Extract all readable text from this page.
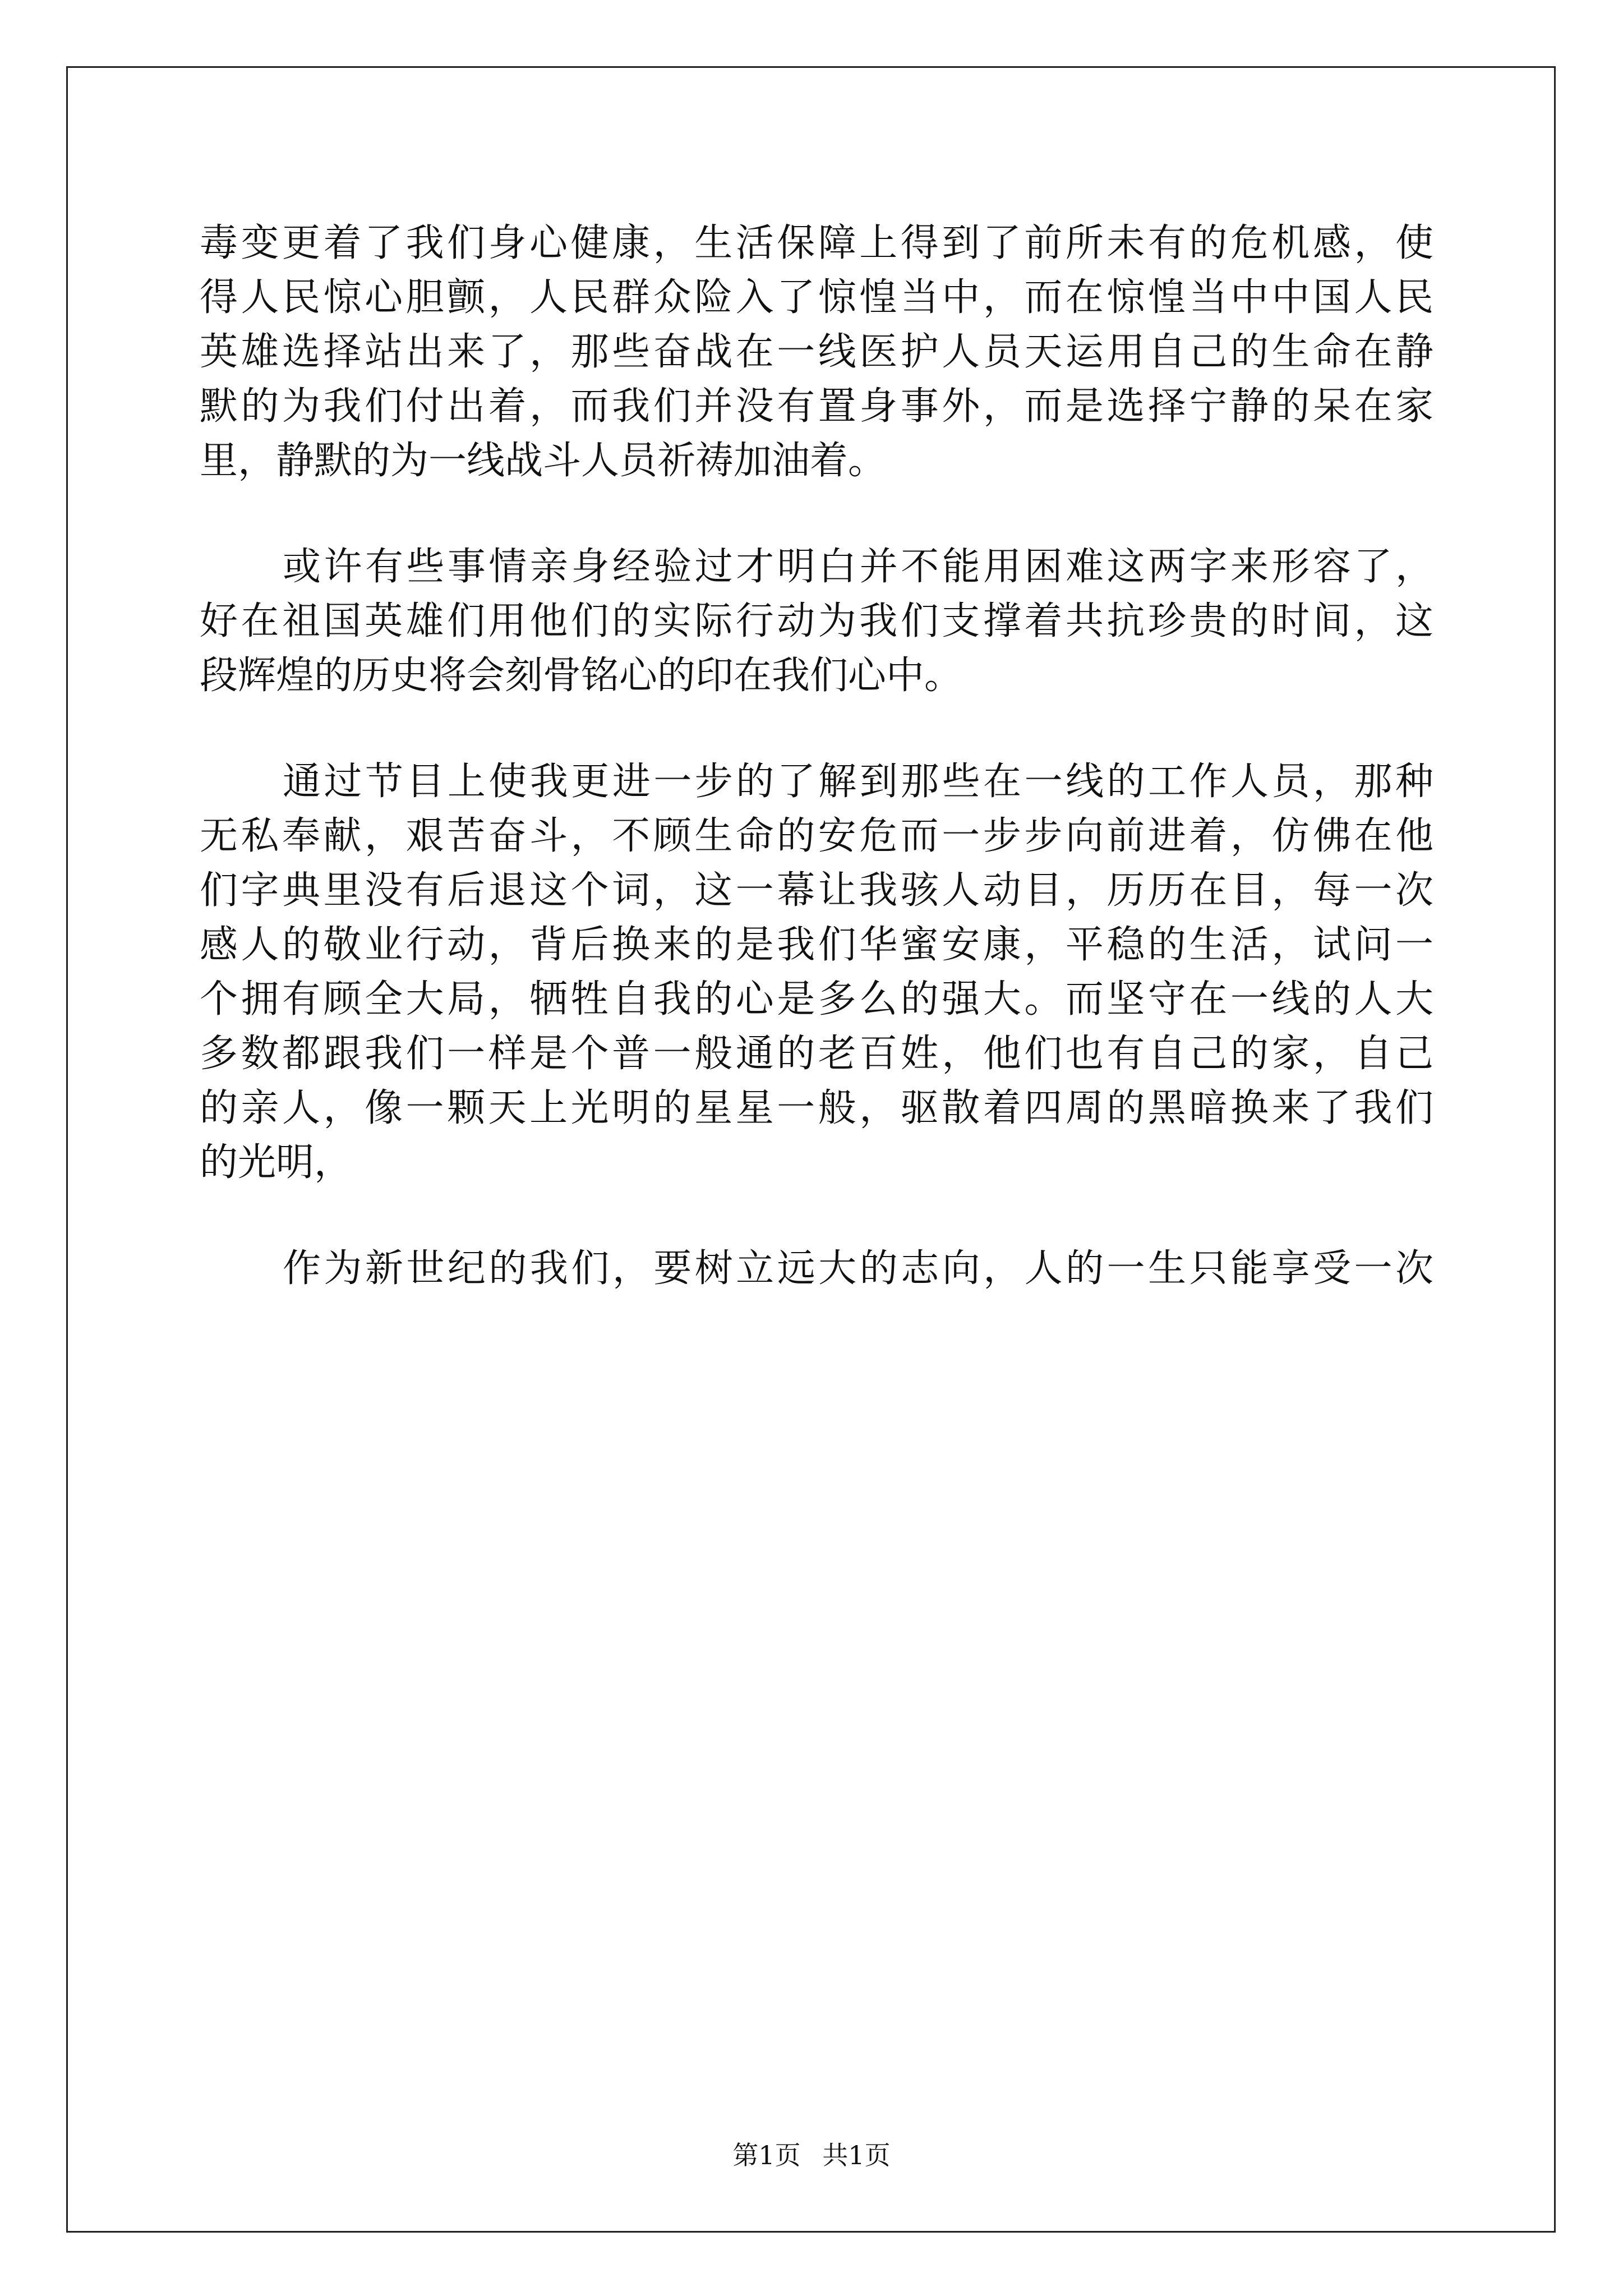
毒变更着了我们身心健康，生活保障上得到了前所未有的危机感，使
得人民惊心胆颤，人民群众险入了惊惶当中，而在惊惶当中中国人民
英雄选择站出来了，那些奋战在一线医护人员天运用自己的生命在静
默的为我们付出着，而我们并没有置身事外，而是选择宁静的呆在家
里，静默的为一线战斗人员祈祷加油着。
或许有些事情亲身经验过才明白并不能用困难这两字来形容了，
好在祖国英雄们用他们的实际行动为我们支撑着共抗珍贵的时间，这
段辉煌的历史将会刻骨铭心的印在我们心中。
通过节目上使我更进一步的了解到那些在一线的工作人员，那种
无私奉献，艰苦奋斗，不顾生命的安危而一步步向前进着，仿佛在他
们字典里没有后退这个词，这一幕让我骇人动目，历历在目，每一次
感人的敬业行动，背后换来的是我们华蜜安康，平稳的生活，试问一
个拥有顾全大局，牺牲自我的心是多么的强大。而坚守在一线的人大
多数都跟我们一样是个普一般通的老百姓，他们也有自己的家，自己
的亲人，像一颗天上光明的星星一般，驱散着四周的黑暗换来了我们
的光明，
作为新世纪的我们，要树立远大的志向，人的一生只能享受一次
第1页 共1页
